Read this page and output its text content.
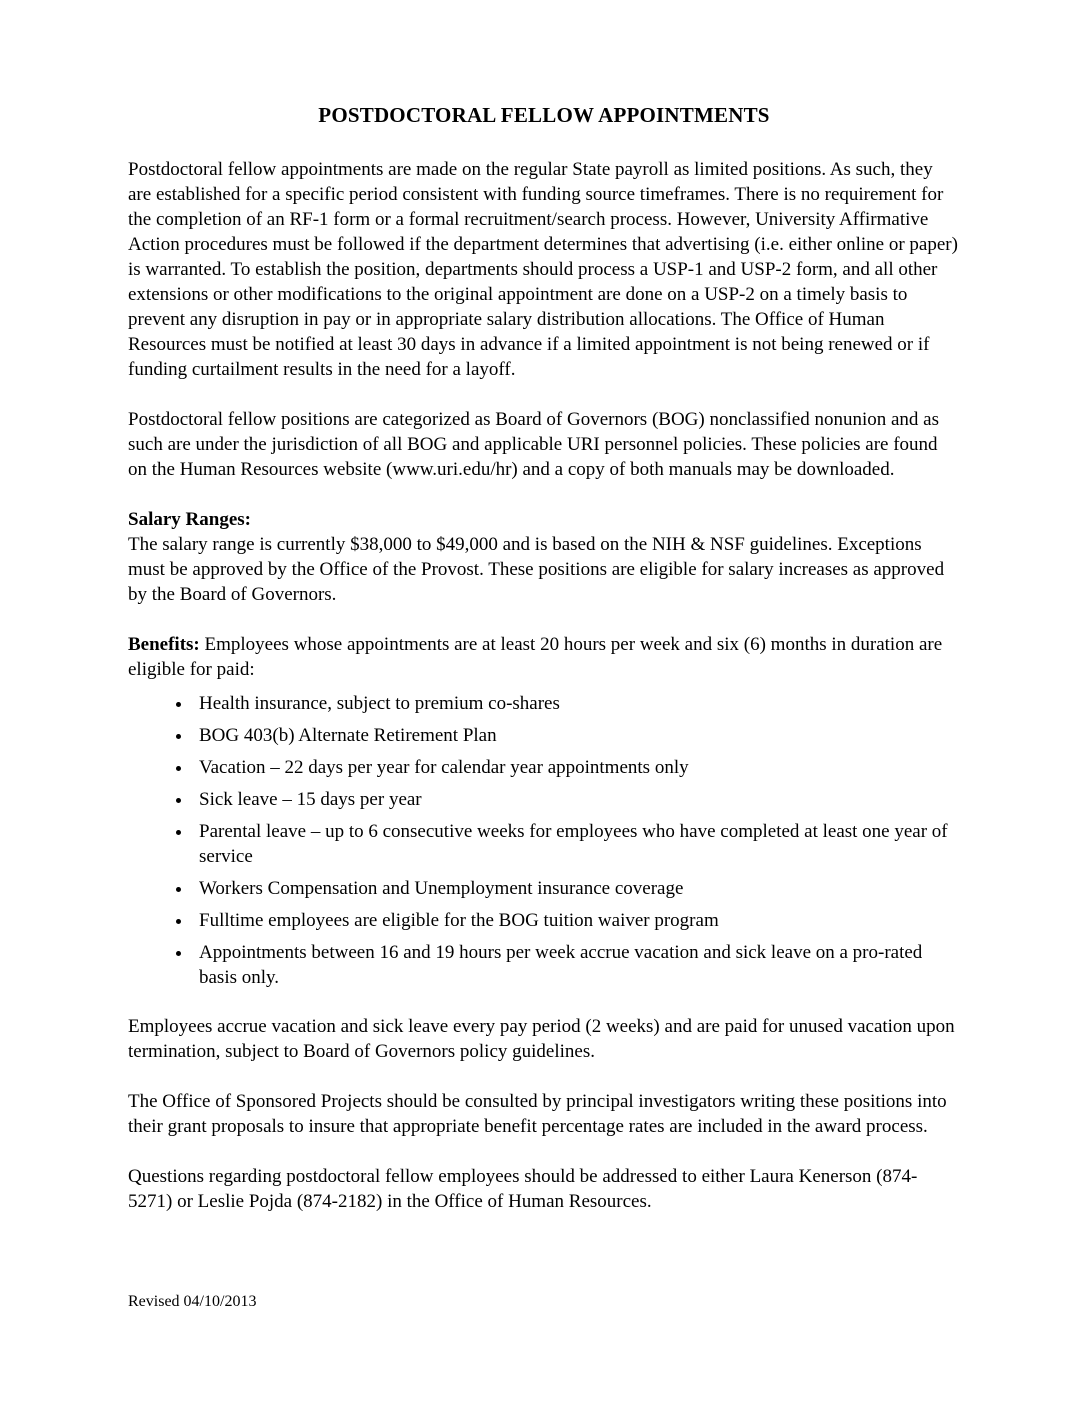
POSTDOCTORAL FELLOW APPOINTMENTS

Postdoctoral fellow appointments are made on the regular State payroll as limited positions. As such, they are established for a specific period consistent with funding source timeframes. There is no requirement for the completion of an RF-1 form or a formal recruitment/search process. However, University Affirmative Action procedures must be followed if the department determines that advertising (i.e. either online or paper) is warranted. To establish the position, departments should process a USP-1 and USP-2 form, and all other extensions or other modifications to the original appointment are done on a USP-2 on a timely basis to prevent any disruption in pay or in appropriate salary distribution allocations. The Office of Human Resources must be notified at least 30 days in advance if a limited appointment is not being renewed or if funding curtailment results in the need for a layoff.

Postdoctoral fellow positions are categorized as Board of Governors (BOG) nonclassified nonunion and as such are under the jurisdiction of all BOG and applicable URI personnel policies. These policies are found on the Human Resources website (www.uri.edu/hr) and a copy of both manuals may be downloaded.

Salary Ranges:

The salary range is currently $38,000 to $49,000 and is based on the NIH & NSF guidelines. Exceptions must be approved by the Office of the Provost. These positions are eligible for salary increases as approved by the Board of Governors.

Benefits: Employees whose appointments are at least 20 hours per week and six (6) months in duration are eligible for paid:

• Health insurance, subject to premium co-shares
• BOG 403(b) Alternate Retirement Plan
• Vacation – 22 days per year for calendar year appointments only
• Sick leave – 15 days per year
• Parental leave – up to 6 consecutive weeks for employees who have completed at least one year of service
• Workers Compensation and Unemployment insurance coverage
• Fulltime employees are eligible for the BOG tuition waiver program
• Appointments between 16 and 19 hours per week accrue vacation and sick leave on a pro-rated basis only.

Employees accrue vacation and sick leave every pay period (2 weeks) and are paid for unused vacation upon termination, subject to Board of Governors policy guidelines.

The Office of Sponsored Projects should be consulted by principal investigators writing these positions into their grant proposals to insure that appropriate benefit percentage rates are included in the award process.

Questions regarding postdoctoral fellow employees should be addressed to either Laura Kenerson (874-5271) or Leslie Pojda (874-2182) in the Office of Human Resources.

Revised 04/10/2013
